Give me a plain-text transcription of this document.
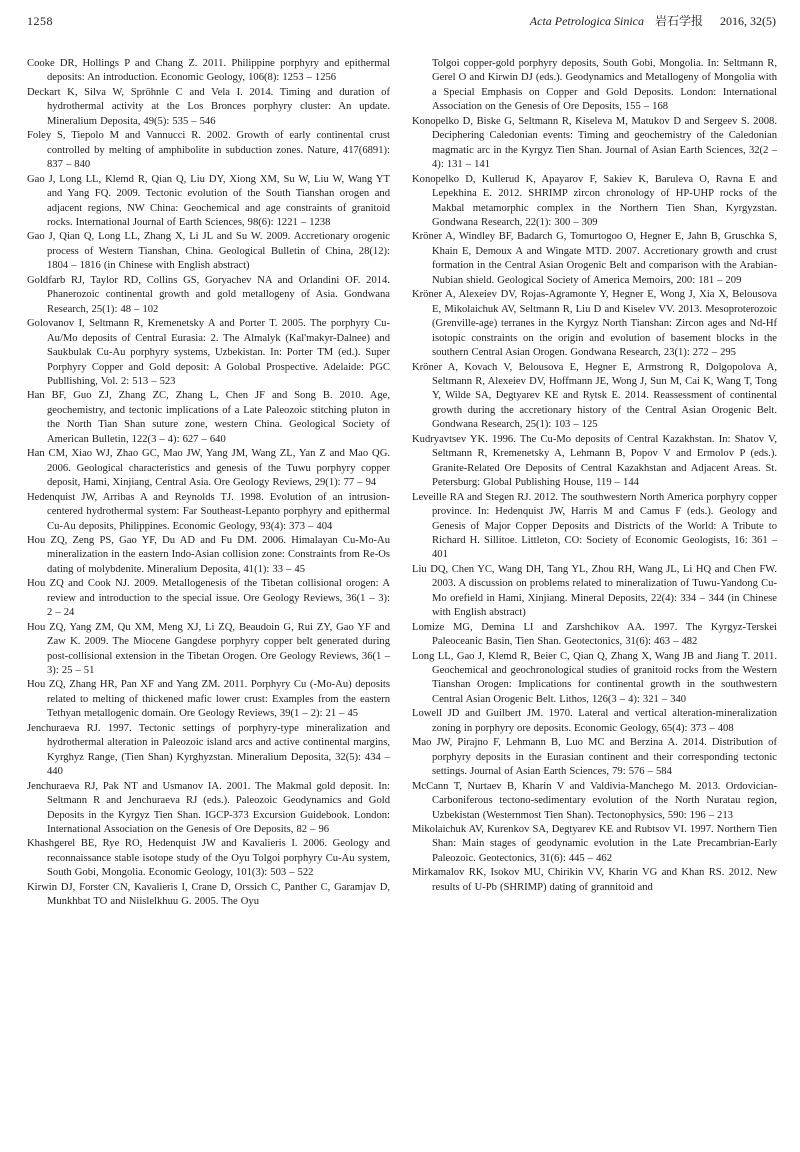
1258	Acta Petrologica Sinica 岩石学报 2016, 32(5)

Cooke DR, Hollings P and Chang Z. 2011. Philippine porphyry and epithermal deposits: An introduction. Economic Geology, 106(8): 1253 – 1256

Deckart K, Silva W, Spröhnle C and Vela I. 2014. Timing and duration of hydrothermal activity at the Los Bronces porphyry cluster: An update. Mineralium Deposita, 49(5): 535 – 546

Foley S, Tiepolo M and Vannucci R. 2002. Growth of early continental crust controlled by melting of amphibolite in subduction zones. Nature, 417(6891): 837 – 840

Gao J, Long LL, Klemd R, Qian Q, Liu DY, Xiong XM, Su W, Liu W, Wang YT and Yang FQ. 2009. Tectonic evolution of the South Tianshan orogen and adjacent regions, NW China: Geochemical and age constraints of granitoid rocks. International Journal of Earth Sciences, 98(6): 1221 – 1238

Gao J, Qian Q, Long LL, Zhang X, Li JL and Su W. 2009. Accretionary orogenic process of Western Tianshan, China. Geological Bulletin of China, 28(12): 1804 – 1816 (in Chinese with English abstract)

Goldfarb RJ, Taylor RD, Collins GS, Goryachev NA and Orlandini OF. 2014. Phanerozoic continental growth and gold metallogeny of Asia. Gondwana Research, 25(1): 48 – 102

Golovanov I, Seltmann R, Kremenetsky A and Porter T. 2005. The porphyry Cu-Au/Mo deposits of Central Eurasia: 2. The Almalyk (Kal'makyr-Dalnee) and Saukbulak Cu-Au porphyry systems, Uzbekistan. In: Porter TM (ed.). Super Porphyry Copper and Gold deposit: A Golobal Prospective. Adelaide: PGC Publlishing, Vol. 2: 513 – 523

Han BF, Guo ZJ, Zhang ZC, Zhang L, Chen JF and Song B. 2010. Age, geochemistry, and tectonic implications of a Late Paleozoic stitching pluton in the North Tian Shan suture zone, western China. Geological Society of American Bulletin, 122(3 – 4): 627 – 640

Han CM, Xiao WJ, Zhao GC, Mao JW, Yang JM, Wang ZL, Yan Z and Mao QG. 2006. Geological characteristics and genesis of the Tuwu porphyry copper deposit, Hami, Xinjiang, Central Asia. Ore Geology Reviews, 29(1): 77 – 94

Hedenquist JW, Arribas A and Reynolds TJ. 1998. Evolution of an intrusion-centered hydrothermal system: Far Southeast-Lepanto porphyry and epithermal Cu-Au deposits, Philippines. Economic Geology, 93(4): 373 – 404

Hou ZQ, Zeng PS, Gao YF, Du AD and Fu DM. 2006. Himalayan Cu-Mo-Au mineralization in the eastern Indo-Asian collision zone: Constraints from Re-Os dating of molybdenite. Mineralium Deposita, 41(1): 33 – 45

Hou ZQ and Cook NJ. 2009. Metallogenesis of the Tibetan collisional orogen: A review and introduction to the special issue. Ore Geology Reviews, 36(1 – 3): 2 – 24

Hou ZQ, Yang ZM, Qu XM, Meng XJ, Li ZQ, Beaudoin G, Rui ZY, Gao YF and Zaw K. 2009. The Miocene Gangdese porphyry copper belt generated during post-collisional extension in the Tibetan Orogen. Ore Geology Reviews, 36(1 – 3): 25 – 51

Hou ZQ, Zhang HR, Pan XF and Yang ZM. 2011. Porphyry Cu (-Mo-Au) deposits related to melting of thickened mafic lower crust: Examples from the eastern Tethyan metallogenic domain. Ore Geology Reviews, 39(1 – 2): 21 – 45

Jenchuraeva RJ. 1997. Tectonic settings of porphyry-type mineralization and hydrothermal alteration in Paleozoic island arcs and active continental margins, Kyrghyz Range, (Tien Shan) Kyrghyzstan. Mineralium Deposita, 32(5): 434 – 440

Jenchuraeva RJ, Pak NT and Usmanov IA. 2001. The Makmal gold deposit. In: Seltmann R and Jenchuraeva RJ (eds.). Paleozoic Geodynamics and Gold Deposits in the Kyrgyz Tien Shan. IGCP-373 Excursion Guidebook. London: International Association on the Genesis of Ore Deposits, 82 – 96

Khashgerel BE, Rye RO, Hedenquist JW and Kavalieris I. 2006. Geology and reconnaissance stable isotope study of the Oyu Tolgoi porphyry Cu-Au system, South Gobi, Mongolia. Economic Geology, 101(3): 503 – 522

Kirwin DJ, Forster CN, Kavalieris I, Crane D, Orssich C, Panther C, Garamjav D, Munkhbat TO and Niislelkhuu G. 2005. The Oyu

Tolgoi copper-gold porphyry deposits, South Gobi, Mongolia. In: Seltmann R, Gerel O and Kirwin DJ (eds.). Geodynamics and Metallogeny of Mongolia with a Special Emphasis on Copper and Gold Deposits. London: International Association on the Genesis of Ore Deposits, 155 – 168

Konopelko D, Biske G, Seltmann R, Kiseleva M, Matukov D and Sergeev S. 2008. Deciphering Caledonian events: Timing and geochemistry of the Caledonian magmatic arc in the Kyrgyz Tien Shan. Journal of Asian Earth Sciences, 32(2 – 4): 131 – 141

Konopelko D, Kullerud K, Apayarov F, Sakiev K, Baruleva O, Ravna E and Lepekhina E. 2012. SHRIMP zircon chronology of HP-UHP rocks of the Makbal metamorphic complex in the Northern Tien Shan, Kyrgyzstan. Gondwana Research, 22(1): 300 – 309

Kröner A, Windley BF, Badarch G, Tomurtogoo O, Hegner E, Jahn B, Gruschka S, Khain E, Demoux A and Wingate MTD. 2007. Accretionary growth and crust formation in the Central Asian Orogenic Belt and comparison with the Arabian-Nubian shield. Geological Society of America Memoirs, 200: 181 – 209

Kröner A, Alexeiev DV, Rojas-Agramonte Y, Hegner E, Wong J, Xia X, Belousova E, Mikolaichuk AV, Seltmann R, Liu D and Kiselev VV. 2013. Mesoproterozoic (Grenville-age) terranes in the Kyrgyz North Tianshan: Zircon ages and Nd-Hf isotopic constraints on the origin and evolution of basement blocks in the southern Central Asian Orogen. Gondwana Research, 23(1): 272 – 295

Kröner A, Kovach V, Belousova E, Hegner E, Armstrong R, Dolgopolova A, Seltmann R, Alexeiev DV, Hoffmann JE, Wong J, Sun M, Cai K, Wang T, Tong Y, Wilde SA, Degtyarev KE and Rytsk E. 2014. Reassessment of continental growth during the accretionary history of the Central Asian Orogenic Belt. Gondwana Research, 25(1): 103 – 125

Kudryavtsev YK. 1996. The Cu-Mo deposits of Central Kazakhstan. In: Shatov V, Seltmann R, Kremenetsky A, Lehmann B, Popov V and Ermolov P (eds.). Granite-Related Ore Deposits of Central Kazakhstan and Adjacent Areas. St. Petersburg: Global Publishing House, 119 – 144

Leveille RA and Stegen RJ. 2012. The southwestern North America porphyry copper province. In: Hedenquist JW, Harris M and Camus F (eds.). Geology and Genesis of Major Copper Deposits and Districts of the World: A Tribute to Richard H. Sillitoe. Littleton, CO: Society of Economic Geologists, 16: 361 – 401

Liu DQ, Chen YC, Wang DH, Tang YL, Zhou RH, Wang JL, Li HQ and Chen FW. 2003. A discussion on problems related to mineralization of Tuwu-Yandong Cu-Mo orefield in Hami, Xinjiang. Mineral Deposits, 22(4): 334 – 344 (in Chinese with English abstract)

Lomize MG, Demina LI and Zarshchikov AA. 1997. The Kyrgyz-Terskei Paleoceanic Basin, Tien Shan. Geotectonics, 31(6): 463 – 482

Long LL, Gao J, Klemd R, Beier C, Qian Q, Zhang X, Wang JB and Jiang T. 2011. Geochemical and geochronological studies of granitoid rocks from the Western Tianshan Orogen: Implications for continental growth in the southwestern Central Asian Orogenic Belt. Lithos, 126(3 – 4): 321 – 340

Lowell JD and Guilbert JM. 1970. Lateral and vertical alteration-mineralization zoning in porphyry ore deposits. Economic Geology, 65(4): 373 – 408

Mao JW, Pirajno F, Lehmann B, Luo MC and Berzina A. 2014. Distribution of porphyry deposits in the Eurasian continent and their corresponding tectonic settings. Journal of Asian Earth Sciences, 79: 576 – 584

McCann T, Nurtaev B, Kharin V and Valdivia-Manchego M. 2013. Ordovician-Carboniferous tectono-sedimentary evolution of the North Nuratau region, Uzbekistan (Westernmost Tien Shan). Tectonophysics, 590: 196 – 213

Mikolaichuk AV, Kurenkov SA, Degtyarev KE and Rubtsov VI. 1997. Northern Tien Shan: Main stages of geodynamic evolution in the Late Precambrian-Early Paleozoic. Geotectonics, 31(6): 445 – 462

Mirkamalov RK, Isokov MU, Chirikin VV, Kharin VG and Khan RS. 2012. New results of U-Pb (SHRIMP) dating of grannitoid and
